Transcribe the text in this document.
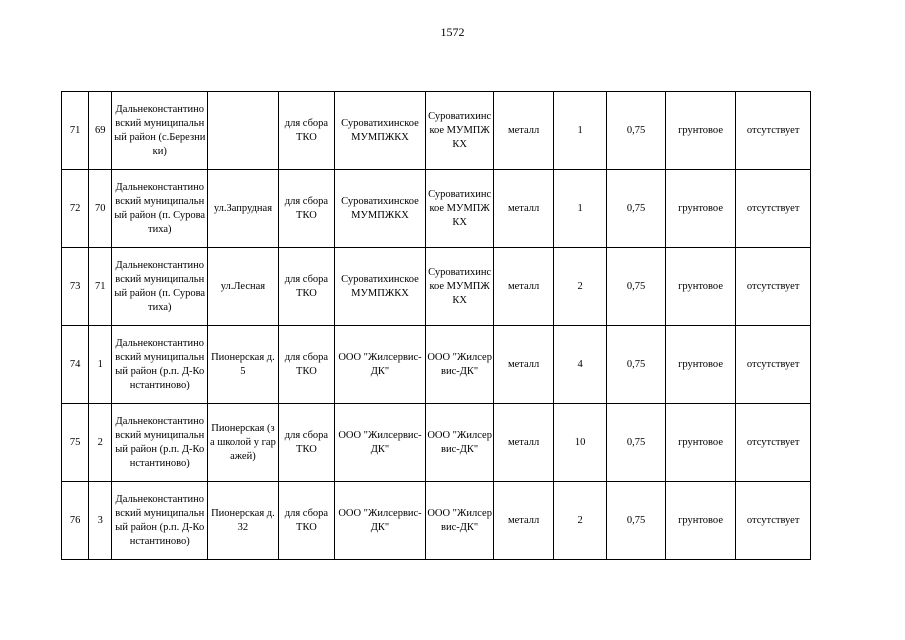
1572
71	69	Дальнеконстантиновский муниципальный район (с.Березники)		для сбора ТКО	Суроватихинское МУМПЖКХ	Суроватихинское МУМПЖКХ	металл	1	0,75	грунтовое	отсутствует
72	70	Дальнеконстантиновский муниципальный район (п. Суроватиха)	ул.Запрудная	для сбора ТКО	Суроватихинское МУМПЖКХ	Суроватихинское МУМПЖКХ	металл	1	0,75	грунтовое	отсутствует
73	71	Дальнеконстантиновский муниципальный район (п. Суроватиха)	ул.Лесная	для сбора ТКО	Суроватихинское МУМПЖКХ	Суроватихинское МУМПЖКХ	металл	2	0,75	грунтовое	отсутствует
74	1	Дальнеконстантиновский муниципальный район (р.п. Д-Константиново)	Пионерская д. 5	для сбора ТКО	ООО "Жилсервис-ДК"	ООО "Жилсервис-ДК"	металл	4	0,75	грунтовое	отсутствует
75	2	Дальнеконстантиновский муниципальный район (р.п. Д-Константиново)	Пионерская (за школой у гаражей)	для сбора ТКО	ООО "Жилсервис-ДК"	ООО "Жилсервис-ДК"	металл	10	0,75	грунтовое	отсутствует
76	3	Дальнеконстантиновский муниципальный район (р.п. Д-Константиново)	Пионерская д. 32	для сбора ТКО	ООО "Жилсервис-ДК"	ООО "Жилсервис-ДК"	металл	2	0,75	грунтовое	отсутствует
